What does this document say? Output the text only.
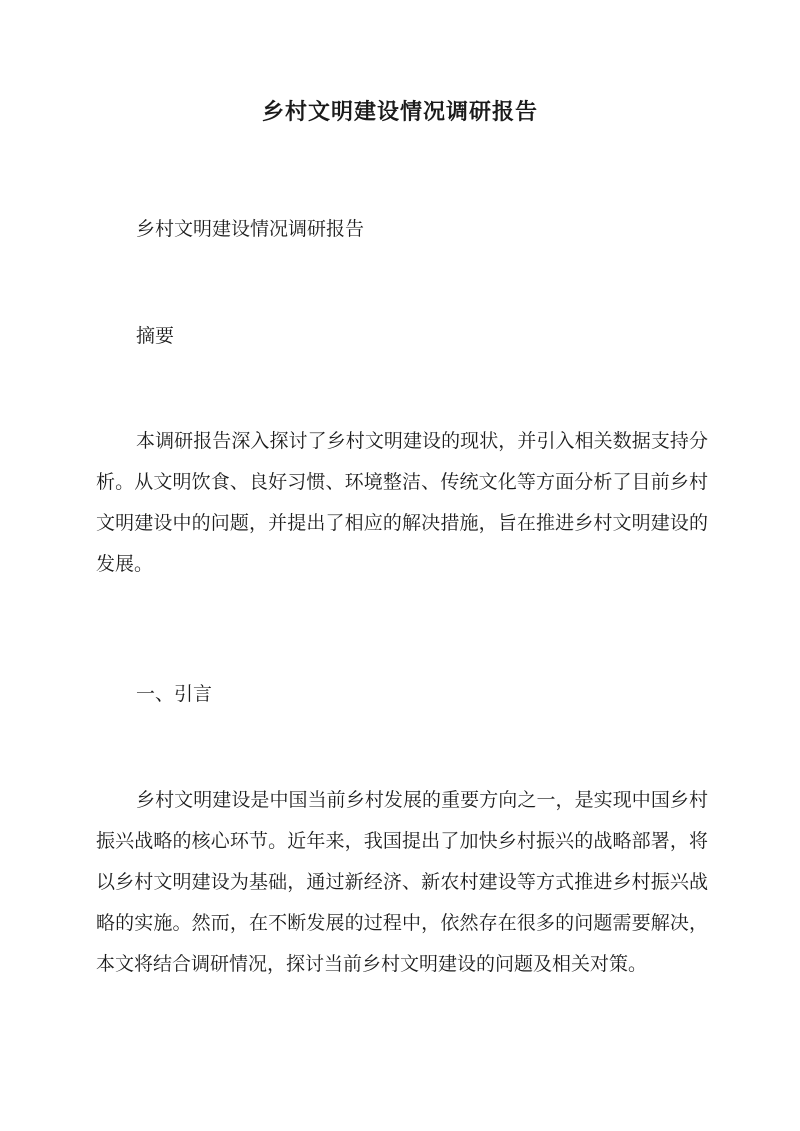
乡村文明建设情况调研报告

乡村文明建设情况调研报告

摘要

本调研报告深入探讨了乡村文明建设的现状，并引入相关数据支持分析。从文明饮食、良好习惯、环境整洁、传统文化等方面分析了目前乡村文明建设中的问题，并提出了相应的解决措施，旨在推进乡村文明建设的发展。

一、引言

乡村文明建设是中国当前乡村发展的重要方向之一，是实现中国乡村振兴战略的核心环节。近年来，我国提出了加快乡村振兴的战略部署，将以乡村文明建设为基础，通过新经济、新农村建设等方式推进乡村振兴战略的实施。然而，在不断发展的过程中，依然存在很多的问题需要解决，本文将结合调研情况，探讨当前乡村文明建设的问题及相关对策。
